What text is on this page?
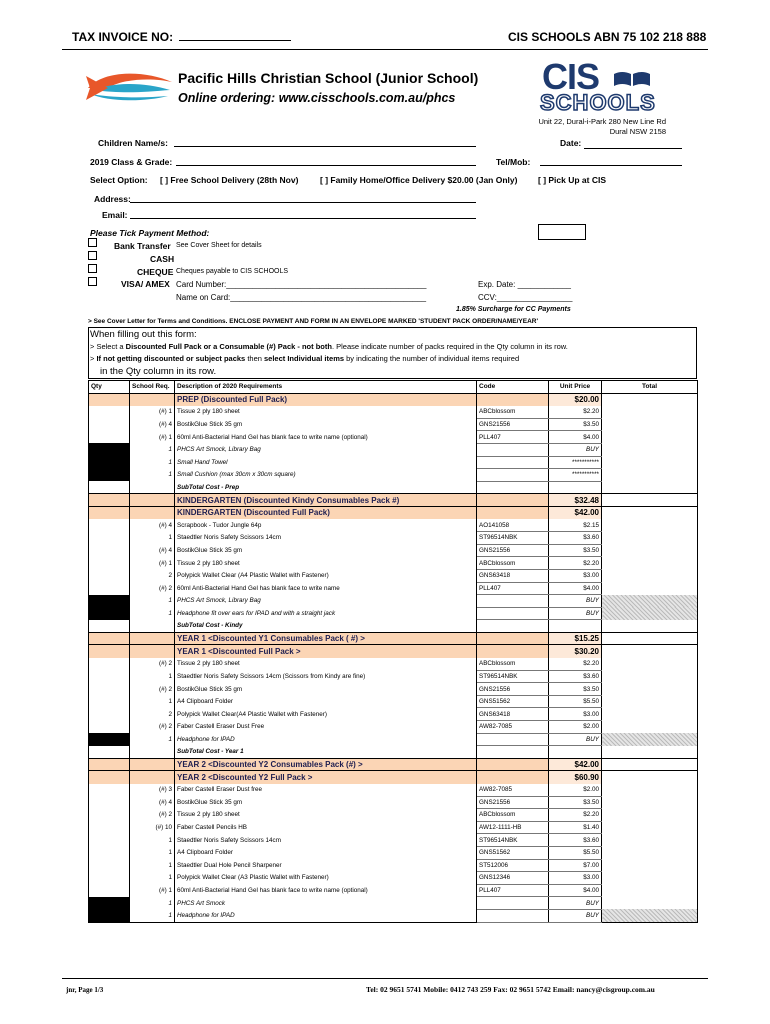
TAX INVOICE NO:	CIS SCHOOLS ABN 75 102 218 888
Pacific Hills Christian School (Junior School)
Online ordering: www.cisschools.com.au/phcs
CIS
SCHOOLS
Unit 22, Dural-i-Park 280 New Line Rd
Dural NSW 2158
Children Name/s:	Date:
2019 Class & Grade:	Tel/Mob:
Select Option: [ ] Free School Delivery (28th Nov)	[ ] Family Home/Office Delivery $20.00 (Jan Only) [ ] Pick Up at CIS
Address:
Email:
Please Tick Payment Method:
Bank Transfer See Cover Sheet for details
CASH
CHEQUE Cheques payable to CIS SCHOOLS
VISA/ AMEX Card Number:_____________________________________________	Exp. Date: ____________
Name on Card:____________________________________________	CCV:_________________
1.85% Surcharge for CC Payments
> See Cover Letter for Terms and Conditions. ENCLOSE PAYMENT AND FORM IN AN ENVELOPE MARKED 'STUDENT PACK ORDER/NAME/YEAR'
When filling out this form:
> Select a Discounted Full Pack or a Consumable (#) Pack - not both. Please indicate number of packs required in the Qty column in its row.
> If not getting discounted or subject packs then select Individual items by indicating the number of individual items required
in the Qty column in its row.
Qty	School Req.	Description of 2020 Requirements	Code	Unit Price	Total
		PREP (Discounted Full Pack)		$20.00	
	(#) 1	Tissue 2 ply 180 sheet	ABCblossom	$2.20	
	(#) 4	BostikGlue Stick 35 gm	GNS21556	$3.50	
	(#) 1	60ml Anti-Bacterial Hand Gel has blank face to write name (optional)	PLL407	$4.00	
	1	PHCS Art Smock, Library Bag		BUY	
	1	Small Hand Towel		***********	
	1	Small Cushion (max 30cm x 30cm square)		***********	
		SubTotal Cost - Prep			
		KINDERGARTEN (Discounted Kindy Consumables Pack #)		$32.48	
		KINDERGARTEN (Discounted Full Pack)		$42.00	
	(#) 4	Scrapbook - Tudor Jungle 64p	AO141058	$2.15	
	1	Staedtler Noris Safety Scissors 14cm	ST96514NBK	$3.60	
	(#) 4	BostikGlue Stick 35 gm	GNS21556	$3.50	
	(#) 1	Tissue 2 ply 180 sheet	ABCblossom	$2.20	
	2	Polypick Wallet Clear (A4 Plastic Wallet with Fastener)	GNS63418	$3.00	
	(#) 2	60ml Anti-Bacterial Hand Gel has blank face to write name	PLL407	$4.00	
	1	PHCS Art Smock, Library Bag		BUY	
	1	Headphone fit over ears for IPAD and with a straight jack		BUY	
		SubTotal Cost - Kindy			
		YEAR 1 <Discounted Y1 Consumables Pack ( #) >		$15.25	
		YEAR 1 <Discounted Full Pack >		$30.20	
	(#) 2	Tissue 2 ply 180 sheet	ABCblossom	$2.20	
	1	Staedtler Noris Safety Scissors 14cm (Scissors from Kindy are fine)	ST96514NBK	$3.60	
	(#) 2	BostikGlue Stick 35 gm	GNS21556	$3.50	
	1	A4 Clipboard Folder	GNS51562	$5.50	
	2	Polypick Wallet Clear(A4 Plastic Wallet with Fastener)	GNS63418	$3.00	
	(#) 2	Faber Castell Eraser Dust Free	AW82-7085	$2.00	
	1	Headphone for IPAD		BUY	
		SubTotal Cost - Year 1			
		YEAR 2 <Discounted Y2 Consumables Pack (#) >		$42.00	
		YEAR 2 <Discounted Y2 Full Pack >		$60.90	
	(#) 3	Faber Castell Eraser Dust free	AW82-7085	$2.00	
	(#) 4	BostikGlue Stick 35 gm	GNS21556	$3.50	
	(#) 2	Tissue 2 ply 180 sheet	ABCblossom	$2.20	
	(#) 10	Faber Castell Pencils HB	AW12-1111-HB	$1.40	
	1	Staedtler Noris Safety Scissors 14cm	ST96514NBK	$3.60	
	1	A4 Clipboard Folder	GNS51562	$5.50	
	1	Staedtler Dual Hole Pencil Sharpener	ST512006	$7.00	
	1	Polypick Wallet Clear (A3 Plastic Wallet with Fastener)	GNS12346	$3.00	
	(#) 1	60ml Anti-Bacterial Hand Gel has blank face to write name (optional)	PLL407	$4.00	
	1	PHCS Art Smock		BUY	
	1	Headphone for IPAD		BUY	
jnr, Page 1/3	Tel: 02 9651 5741 Mobile: 0412 743 259 Fax: 02 9651 5742 Email: nancy@cisgroup.com.au
